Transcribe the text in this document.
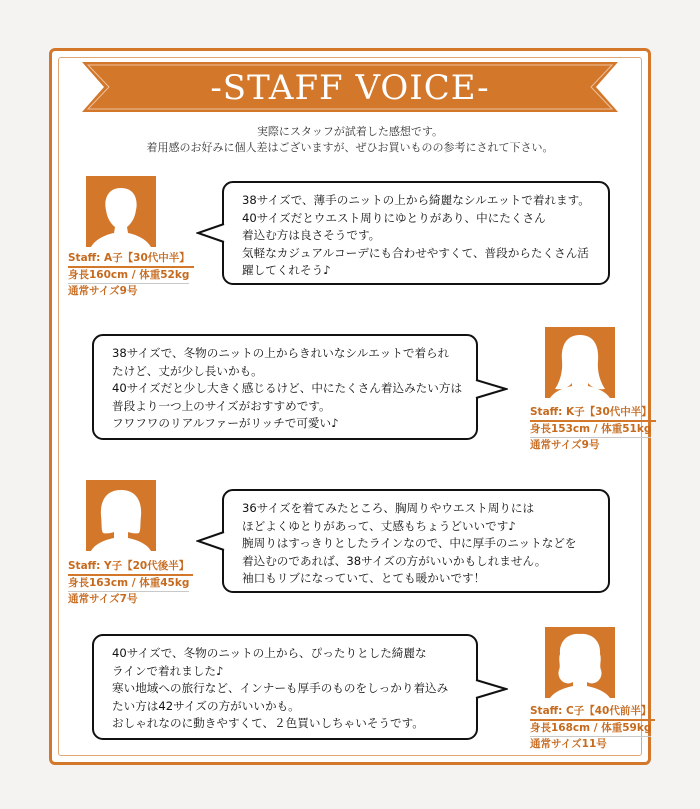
-STAFF VOICE-
実際にスタッフが試着した感想です。
着用感のお好みに個人差はございますが、ぜひお買いものの参考にされて下さい。
Staff: A子【30代中半】
身長160cm / 体重52kg
通常サイズ9号
38サイズで、薄手のニットの上から綺麗なシルエットで着れます。
40サイズだとウエスト周りにゆとりがあり、中にたくさん
着込む方は良さそうです。
気軽なカジュアルコーデにも合わせやすくて、普段からたくさん活
躍してくれそう♪
Staff: K子【30代中半】
身長153cm / 体重51kg
通常サイズ9号
38サイズで、冬物のニットの上からきれいなシルエットで着られ
たけど、丈が少し長いかも。
40サイズだと少し大きく感じるけど、中にたくさん着込みたい方は
普段より一つ上のサイズがおすすめです。
フワフワのリアルファーがリッチで可愛い♪
Staff: Y子【20代後半】
身長163cm / 体重45kg
通常サイズ7号
36サイズを着てみたところ、胸周りやウエスト周りには
ほどよくゆとりがあって、丈感もちょうどいいです♪
腕周りはすっきりとしたラインなので、中に厚手のニットなどを
着込むのであれば、38サイズの方がいいかもしれません。
袖口もリブになっていて、とても暖かいです！
Staff: C子【40代前半】
身長168cm / 体重59kg
通常サイズ11号
40サイズで、冬物のニットの上から、ぴったりとした綺麗な
ラインで着れました♪
寒い地域への旅行など、インナーも厚手のものをしっかり着込み
たい方は42サイズの方がいいかも。
おしゃれなのに動きやすくて、２色買いしちゃいそうです。
